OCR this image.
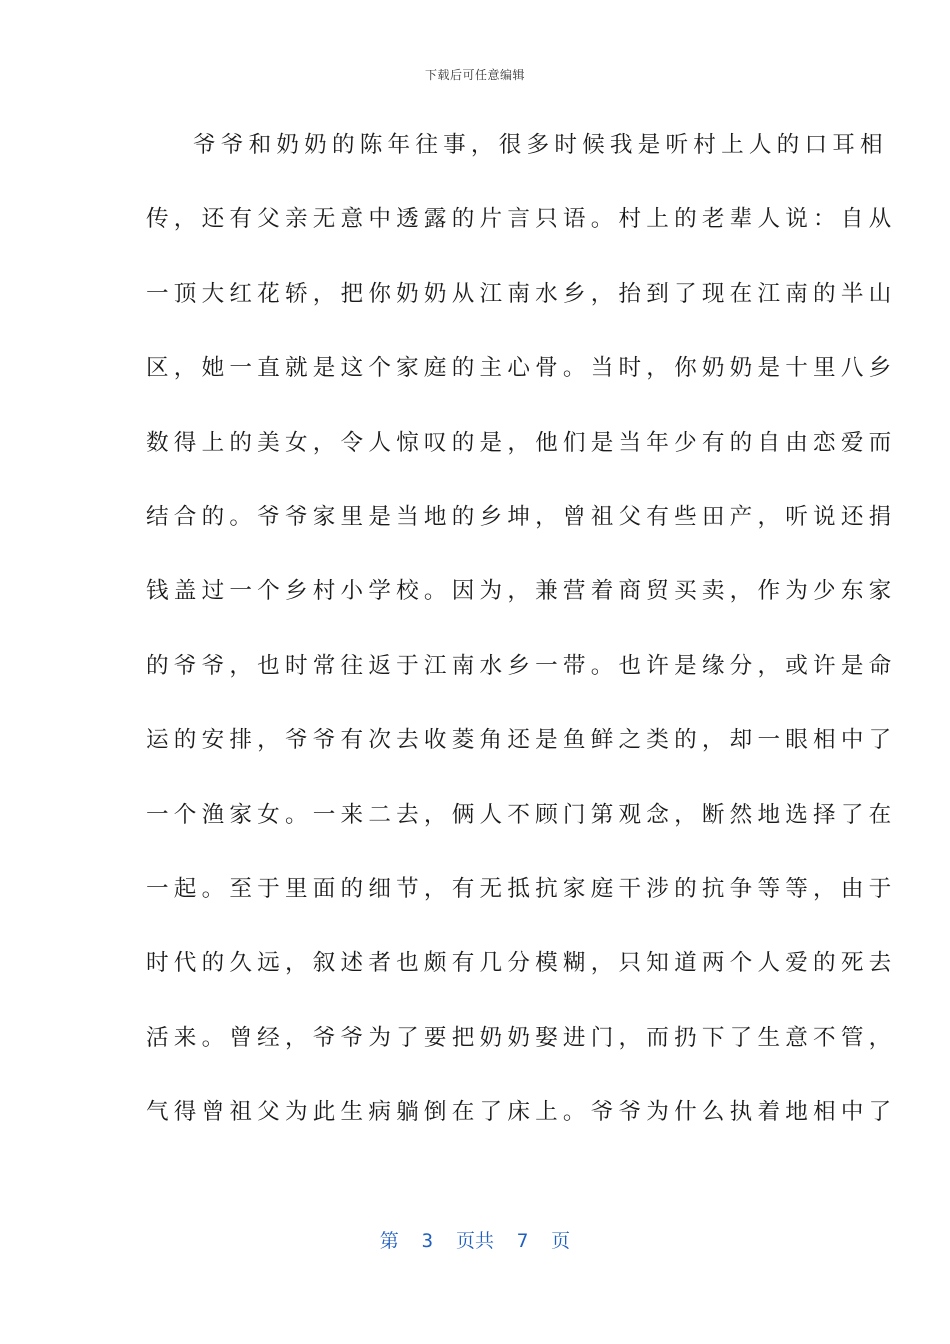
下载后可任意编辑
爷爷和奶奶的陈年往事，很多时候我是听村上人的口耳相
传，还有父亲无意中透露的片言只语。村上的老辈人说：自从
一顶大红花轿，把你奶奶从江南水乡，抬到了现在江南的半山
区，她一直就是这个家庭的主心骨。当时，你奶奶是十里八乡
数得上的美女，令人惊叹的是，他们是当年少有的自由恋爱而
结合的。爷爷家里是当地的乡坤，曾祖父有些田产，听说还捐
钱盖过一个乡村小学校。因为，兼营着商贸买卖，作为少东家
的爷爷，也时常往返于江南水乡一带。也许是缘分，或许是命
运的安排，爷爷有次去收菱角还是鱼鲜之类的，却一眼相中了
一个渔家女。一来二去，俩人不顾门第观念，断然地选择了在
一起。至于里面的细节，有无抵抗家庭干涉的抗争等等，由于
时代的久远，叙述者也颇有几分模糊，只知道两个人爱的死去
活来。曾经，爷爷为了要把奶奶娶进门，而扔下了生意不管，
气得曾祖父为此生病躺倒在了床上。爷爷为什么执着地相中了
第  3  页共  7  页
